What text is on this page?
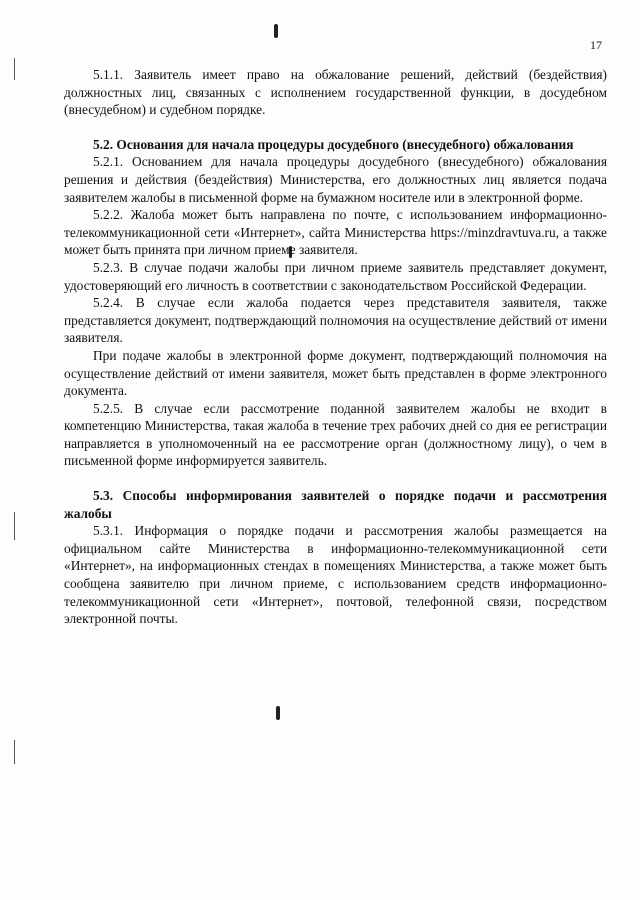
17

5.1.1. Заявитель имеет право на обжалование решений, действий (бездействия) должностных лиц, связанных с исполнением государственной функции, в досудебном (внесудебном) и судебном порядке.

5.2. Основания для начала процедуры досудебного (внесудебного) обжалования

5.2.1. Основанием для начала процедуры досудебного (внесудебного) обжалования решения и действия (бездействия) Министерства, его должностных лиц является подача заявителем жалобы в письменной форме на бумажном носителе или в электронной форме.

5.2.2. Жалоба может быть направлена по почте, с использованием информационно-телекоммуникационной сети «Интернет», сайта Министерства https://minzdravtuva.ru, а также может быть принята при личном приеме заявителя.

5.2.3. В случае подачи жалобы при личном приеме заявитель представляет документ, удостоверяющий его личность в соответствии с законодательством Российской Федерации.

5.2.4. В случае если жалоба подается через представителя заявителя, также представляется документ, подтверждающий полномочия на осуществление действий от имени заявителя.

При подаче жалобы в электронной форме документ, подтверждающий полномочия на осуществление действий от имени заявителя, может быть представлен в форме электронного документа.

5.2.5. В случае если рассмотрение поданной заявителем жалобы не входит в компетенцию Министерства, такая жалоба в течение трех рабочих дней со дня ее регистрации направляется в уполномоченный на ее рассмотрение орган (должностному лицу), о чем в письменной форме информируется заявитель.

5.3. Способы информирования заявителей о порядке подачи и рассмотрения жалобы

5.3.1. Информация о порядке подачи и рассмотрения жалобы размещается на официальном сайте Министерства в информационно-телекоммуникационной сети «Интернет», на информационных стендах в помещениях Министерства, а также может быть сообщена заявителю при личном приеме, с использованием средств информационно-телекоммуникационной сети «Интернет», почтовой, телефонной связи, посредством электронной почты.
